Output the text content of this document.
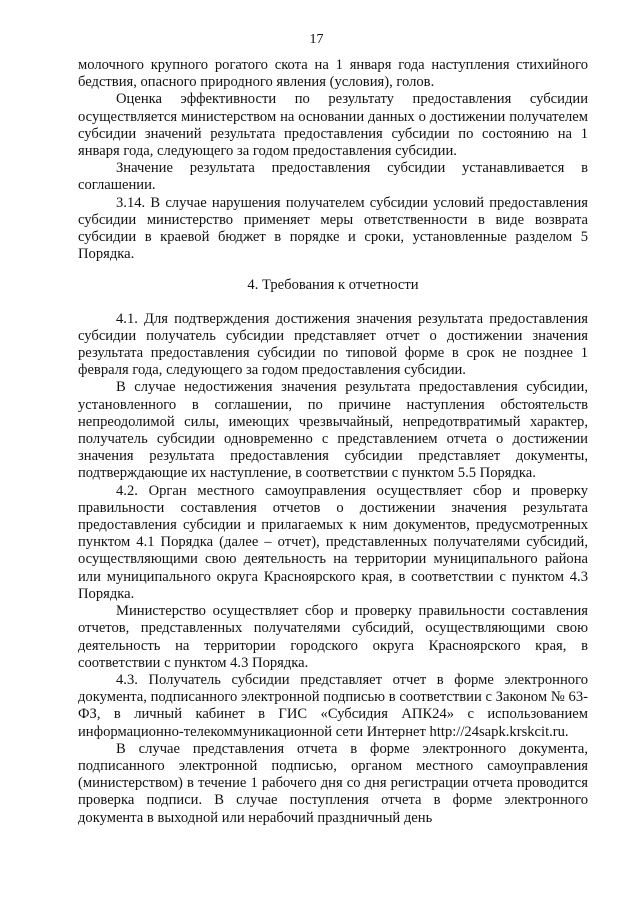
17

молочного крупного рогатого скота на 1 января года наступления стихийного бедствия, опасного природного явления (условия), голов.

Оценка эффективности по результату предоставления субсидии осуществляется министерством на основании данных о достижении получателем субсидии значений результата предоставления субсидии по состоянию на 1 января года, следующего за годом предоставления субсидии.

Значение результата предоставления субсидии устанавливается в соглашении.

3.14. В случае нарушения получателем субсидии условий предоставления субсидии министерство применяет меры ответственности в виде возврата субсидии в краевой бюджет в порядке и сроки, установленные разделом 5 Порядка.

4. Требования к отчетности

4.1. Для подтверждения достижения значения результата предоставления субсидии получатель субсидии представляет отчет о достижении значения результата предоставления субсидии по типовой форме в срок не позднее 1 февраля года, следующего за годом предоставления субсидии.

В случае недостижения значения результата предоставления субсидии, установленного в соглашении, по причине наступления обстоятельств непреодолимой силы, имеющих чрезвычайный, непредотвратимый характер, получатель субсидии одновременно с представлением отчета о достижении значения результата предоставления субсидии представляет документы, подтверждающие их наступление, в соответствии с пунктом 5.5 Порядка.

4.2. Орган местного самоуправления осуществляет сбор и проверку правильности составления отчетов о достижении значения результата предоставления субсидии и прилагаемых к ним документов, предусмотренных пунктом 4.1 Порядка (далее – отчет), представленных получателями субсидий, осуществляющими свою деятельность на территории муниципального района или муниципального округа Красноярского края, в соответствии с пунктом 4.3 Порядка.

Министерство осуществляет сбор и проверку правильности составления отчетов, представленных получателями субсидий, осуществляющими свою деятельность на территории городского округа Красноярского края, в соответствии с пунктом 4.3 Порядка.

4.3. Получатель субсидии представляет отчет в форме электронного документа, подписанного электронной подписью в соответствии с Законом № 63-ФЗ, в личный кабинет в ГИС «Субсидия АПК24» с использованием информационно-телекоммуникационной сети Интернет http://24sapk.krskcit.ru.

В случае представления отчета в форме электронного документа, подписанного электронной подписью, органом местного самоуправления (министерством) в течение 1 рабочего дня со дня регистрации отчета проводится проверка подписи. В случае поступления отчета в форме электронного документа в выходной или нерабочий праздничный день
